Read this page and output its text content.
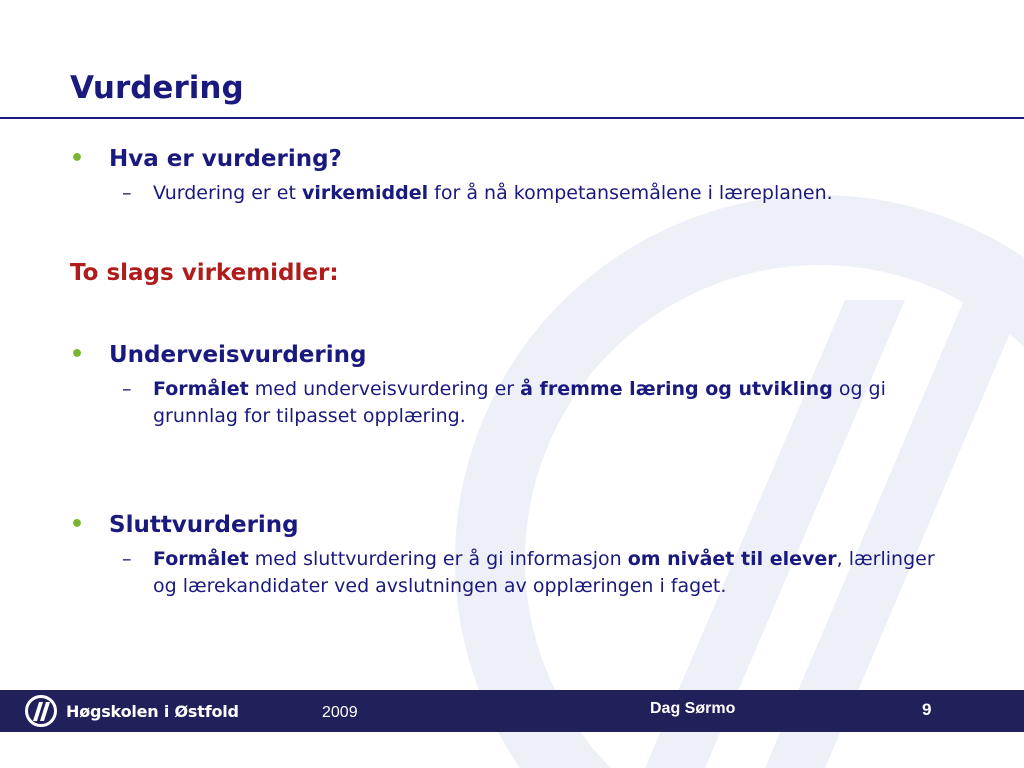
Vurdering
• Hva er vurdering?
– Vurdering er et virkemiddel for å nå kompetansemålene i læreplanen.
To slags virkemidler:
• Underveisvurdering
– Formålet med underveisvurdering er å fremme læring og utvikling og gi grunnlag for tilpasset opplæring.
• Sluttvurdering
– Formålet med sluttvurdering er å gi informasjon om nivået til elever, lærlinger og lærekandidater ved avslutningen av opplæringen i faget.
Høgskolen i Østfold	2009	Dag Sørmo	9
